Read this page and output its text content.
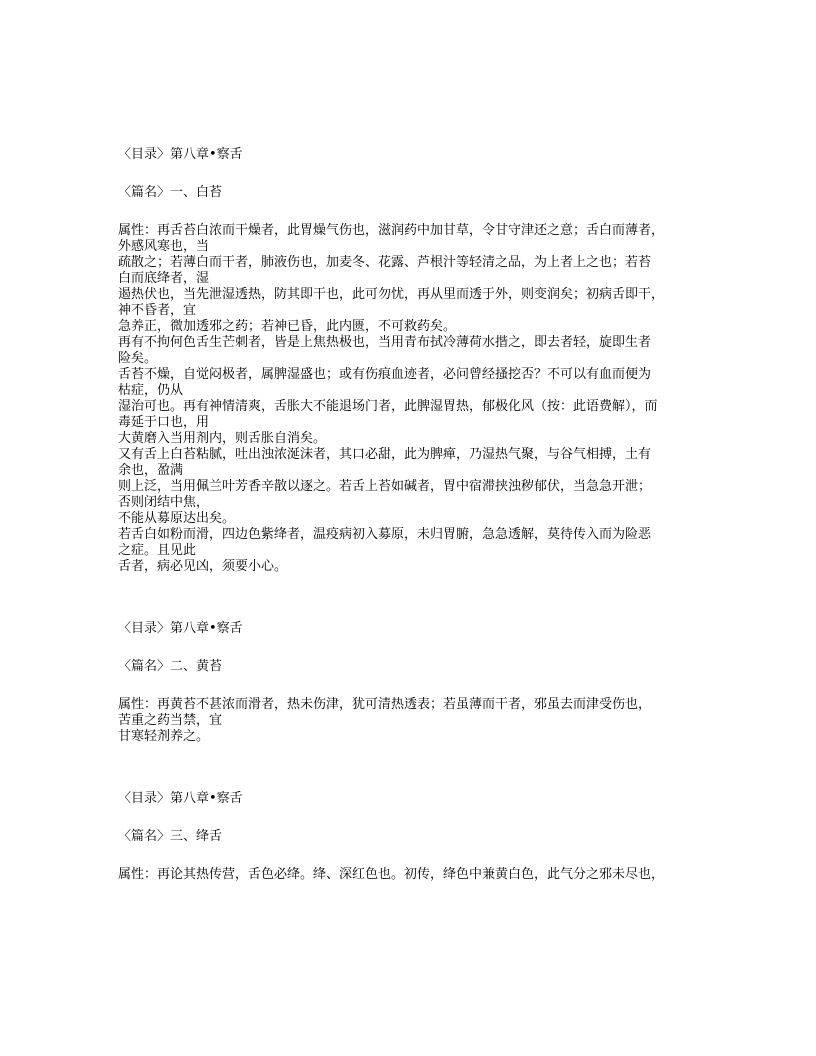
〈目录〉第八章•察舌

〈篇名〉一、白苔

属性：再舌苔白浓而干燥者，此胃燥气伤也，滋润药中加甘草，令甘守津还之意；舌白而薄者，
外感风寒也，当
疏散之；若薄白而干者，肺液伤也，加麦冬、花露、芦根汁等轻清之品，为上者上之也；若苔
白而底绛者，湿
遏热伏也，当先泄湿透热，防其即干也，此可勿忧，再从里而透于外，则变润矣；初病舌即干，
神不昏者，宜
急养正，微加透邪之药；若神已昏，此内匮，不可救药矣。
再有不拘何色舌生芒刺者，皆是上焦热极也，当用青布拭冷薄荷水揩之，即去者轻，旋即生者
险矣。
舌苔不燥，自觉闷极者，属脾湿盛也；或有伤痕血迹者，必问曾经搔挖否？不可以有血而便为
枯症，仍从
湿治可也。再有神情清爽，舌胀大不能退场门者，此脾湿胃热，郁极化风（按：此语费解），而
毒延于口也，用
大黄磨入当用剂内，则舌胀自消矣。
又有舌上白苔粘腻，吐出浊浓涎沫者，其口必甜，此为脾瘅，乃湿热气聚，与谷气相搏，土有
余也，盈满
则上泛，当用佩兰叶芳香辛散以逐之。若舌上苔如碱者，胃中宿滞挟浊秽郁伏，当急急开泄；
否则闭结中焦，
不能从募原达出矣。
若舌白如粉而滑，四边色紫绛者，温疫病初入募原，未归胃腑，急急透解，莫待传入而为险恶
之症。且见此
舌者，病必见凶，须要小心。

〈目录〉第八章•察舌

〈篇名〉二、黄苔

属性：再黄苔不甚浓而滑者，热未伤津，犹可清热透表；若虽薄而干者，邪虽去而津受伤也，
苦重之药当禁，宜
甘寒轻剂养之。

〈目录〉第八章•察舌

〈篇名〉三、绛舌

属性：再论其热传营，舌色必绛。绛、深红色也。初传，绛色中兼黄白色，此气分之邪未尽也，
